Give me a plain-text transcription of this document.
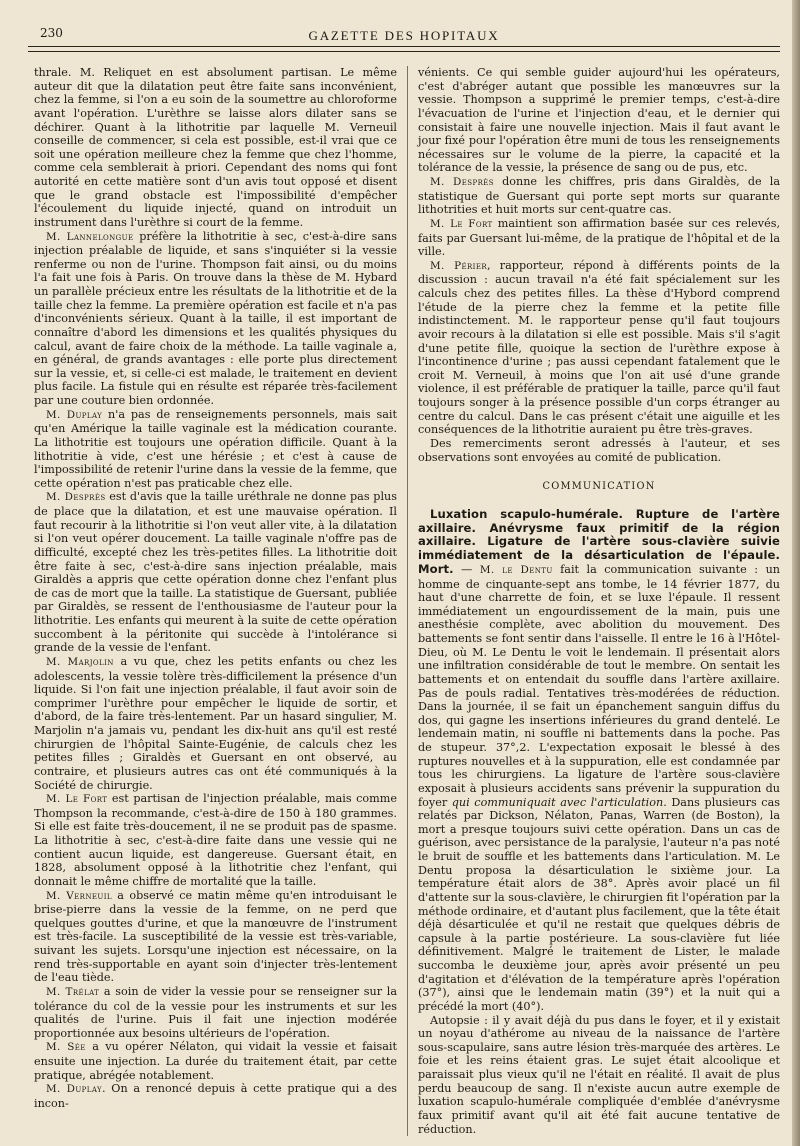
230	GAZETTE DES HOPITAUX

thrale. M. Reliquet en est absolument partisan. Le même auteur dit que la dilatation peut être faite sans inconvénient, chez la femme, si l'on a eu soin de la soumettre au chloroforme avant l'opération. L'urèthre se laisse alors dilater sans se déchirer. Quant à la lithotritie par laquelle M. Verneuil conseille de commencer, si cela est possible, est-il vrai que ce soit une opération meilleure chez la femme que chez l'homme, comme cela semblerait à priori. Cependant des noms qui font autorité en cette matière sont d'un avis tout opposé et disent que le grand obstacle est l'impossibilité d'empêcher l'écoulement du liquide injecté, quand on introduit un instrument dans l'urèthre si court de la femme.

M. Lannelongue préfère la lithotritie à sec, c'est-à-dire sans injection préalable de liquide, et sans s'inquiéter si la vessie renferme ou non de l'urine. Thompson fait ainsi, ou du moins l'a fait une fois à Paris. On trouve dans la thèse de M. Hybard un parallèle précieux entre les résultats de la lithotritie et de la taille chez la femme. La première opération est facile et n'a pas d'inconvénients sérieux. Quant à la taille, il est important de connaître d'abord les dimensions et les qualités physiques du calcul, avant de faire choix de la méthode. La taille vaginale a, en général, de grands avantages : elle porte plus directement sur la vessie, et, si celle-ci est malade, le traitement en devient plus facile. La fistule qui en résulte est réparée très-facilement par une couture bien ordonnée.

M. Duplay n'a pas de renseignements personnels, mais sait qu'en Amérique la taille vaginale est la médication courante. La lithotritie est toujours une opération difficile. Quant à la lithotritie à vide, c'est une hérésie ; et c'est à cause de l'impossibilité de retenir l'urine dans la vessie de la femme, que cette opération n'est pas praticable chez elle.

M. Desprès est d'avis que la taille uréthrale ne donne pas plus de place que la dilatation, et est une mauvaise opération. Il faut recourir à la lithotritie si l'on veut aller vite, à la dilatation si l'on veut opérer doucement. La taille vaginale n'offre pas de difficulté, excepté chez les très-petites filles. La lithotritie doit être faite à sec, c'est-à-dire sans injection préalable, mais Giraldès a appris que cette opération donne chez l'enfant plus de cas de mort que la taille. La statistique de Guersant, publiée par Giraldès, se ressent de l'enthousiasme de l'auteur pour la lithotritie. Les enfants qui meurent à la suite de cette opération succombent à la péritonite qui succède à l'intolérance si grande de la vessie de l'enfant.

M. Marjolin a vu que, chez les petits enfants ou chez les adolescents, la vessie tolère très-difficilement la présence d'un liquide. Si l'on fait une injection préalable, il faut avoir soin de comprimer l'urèthre pour empêcher le liquide de sortir, et d'abord, de la faire très-lentement. Par un hasard singulier, M. Marjolin n'a jamais vu, pendant les dix-huit ans qu'il est resté chirurgien de l'hôpital Sainte-Eugénie, de calculs chez les petites filles ; Giraldès et Guersant en ont observé, au contraire, et plusieurs autres cas ont été communiqués à la Société de chirurgie.

M. Le Fort est partisan de l'injection préalable, mais comme Thompson la recommande, c'est-à-dire de 150 à 180 grammes. Si elle est faite très-doucement, il ne se produit pas de spasme. La lithotritie à sec, c'est-à-dire faite dans une vessie qui ne contient aucun liquide, est dangereuse. Guersant était, en 1828, absolument opposé à la lithotritie chez l'enfant, qui donnait le même chiffre de mortalité que la taille.

M. Verneuil a observé ce matin même qu'en introduisant le brise-pierre dans la vessie de la femme, on ne perd que quelques gouttes d'urine, et que la manœuvre de l'instrument est très-facile. La susceptibilité de la vessie est très-variable, suivant les sujets. Lorsqu'une injection est nécessaire, on la rend très-supportable en ayant soin d'injecter très-lentement de l'eau tiède.

M. Trélat a soin de vider la vessie pour se renseigner sur la tolérance du col de la vessie pour les instruments et sur les qualités de l'urine. Puis il fait une injection modérée proportionnée aux besoins ultérieurs de l'opération.

M. Sée a vu opérer Nélaton, qui vidait la vessie et faisait ensuite une injection. La durée du traitement était, par cette pratique, abrégée notablement.

M. Duplay. On a renoncé depuis à cette pratique qui a des incon-

vénients. Ce qui semble guider aujourd'hui les opérateurs, c'est d'abréger autant que possible les manœuvres sur la vessie. Thompson a supprimé le premier temps, c'est-à-dire l'évacuation de l'urine et l'injection d'eau, et le dernier qui consistait à faire une nouvelle injection. Mais il faut avant le jour fixé pour l'opération être muni de tous les renseignements nécessaires sur le volume de la pierre, la capacité et la tolérance de la vessie, la présence de sang ou de pus, etc.

M. Desprès donne les chiffres, pris dans Giraldès, de la statistique de Guersant qui porte sept morts sur quarante lithotrities et huit morts sur cent-quatre cas.

M. Le Fort maintient son affirmation basée sur ces relevés, faits par Guersant lui-même, de la pratique de l'hôpital et de la ville.

M. Périer, rapporteur, répond à différents points de la discussion : aucun travail n'a été fait spécialement sur les calculs chez des petites filles. La thèse d'Hybord comprend l'étude de la pierre chez la femme et la petite fille indistinctement. M. le rapporteur pense qu'il faut toujours avoir recours à la dilatation si elle est possible. Mais s'il s'agit d'une petite fille, quoique la section de l'urèthre expose à l'incontinence d'urine ; pas aussi cependant fatalement que le croit M. Verneuil, à moins que l'on ait usé d'une grande violence, il est préférable de pratiquer la taille, parce qu'il faut toujours songer à la présence possible d'un corps étranger au centre du calcul. Dans le cas présent c'était une aiguille et les conséquences de la lithotritie auraient pu être très-graves.

Des remerciments seront adressés à l'auteur, et ses observations sont envoyées au comité de publication.

COMMUNICATION

Luxation scapulo-humérale. Rupture de l'artère axillaire. Anévrysme faux primitif de la région axillaire. Ligature de l'artère sous-clavière suivie immédiatement de la désarticulation de l'épaule. Mort. — M. le Dentu fait la communication suivante : un homme de cinquante-sept ans tombe, le 14 février 1877, du haut d'une charrette de foin, et se luxe l'épaule. Il ressent immédiatement un engourdissement de la main, puis une anesthésie complète, avec abolition du mouvement. Des battements se font sentir dans l'aisselle. Il entre le 16 à l'Hôtel-Dieu, où M. Le Dentu le voit le lendemain. Il présentait alors une infiltration considérable de tout le membre. On sentait les battements et on entendait du souffle dans l'artère axillaire. Pas de pouls radial. Tentatives très-modérées de réduction. Dans la journée, il se fait un épanchement sanguin diffus du dos, qui gagne les insertions inférieures du grand dentelé. Le lendemain matin, ni souffle ni battements dans la poche. Pas de stupeur. 37°,2. L'expectation exposait le blessé à des ruptures nouvelles et à la suppuration, elle est condamnée par tous les chirurgiens. La ligature de l'artère sous-clavière exposait à plusieurs accidents sans prévenir la suppuration du foyer qui communiquait avec l'articulation. Dans plusieurs cas relatés par Dickson, Nélaton, Panas, Warren (de Boston), la mort a presque toujours suivi cette opération. Dans un cas de guérison, avec persistance de la paralysie, l'auteur n'a pas noté le bruit de souffle et les battements dans l'articulation. M. Le Dentu proposa la désarticulation le sixième jour. La température était alors de 38°. Après avoir placé un fil d'attente sur la sous-clavière, le chirurgien fit l'opération par la méthode ordinaire, et d'autant plus facilement, que la tête était déjà désarticulée et qu'il ne restait que quelques débris de capsule à la partie postérieure. La sous-clavière fut liée définitivement. Malgré le traitement de Lister, le malade succomba le deuxième jour, après avoir présenté un peu d'agitation et d'élévation de la température après l'opération (37°), ainsi que le lendemain matin (39°) et la nuit qui a précédé la mort (40°).

Autopsie : il y avait déjà du pus dans le foyer, et il y existait un noyau d'athérome au niveau de la naissance de l'artère sous-scapulaire, sans autre lésion très-marquée des artères. Le foie et les reins étaient gras. Le sujet était alcoolique et paraissait plus vieux qu'il ne l'était en réalité. Il avait de plus perdu beaucoup de sang. Il n'existe aucun autre exemple de luxation scapulo-humérale compliquée d'emblée d'anévrysme faux primitif avant qu'il ait été fait aucune tentative de réduction.
